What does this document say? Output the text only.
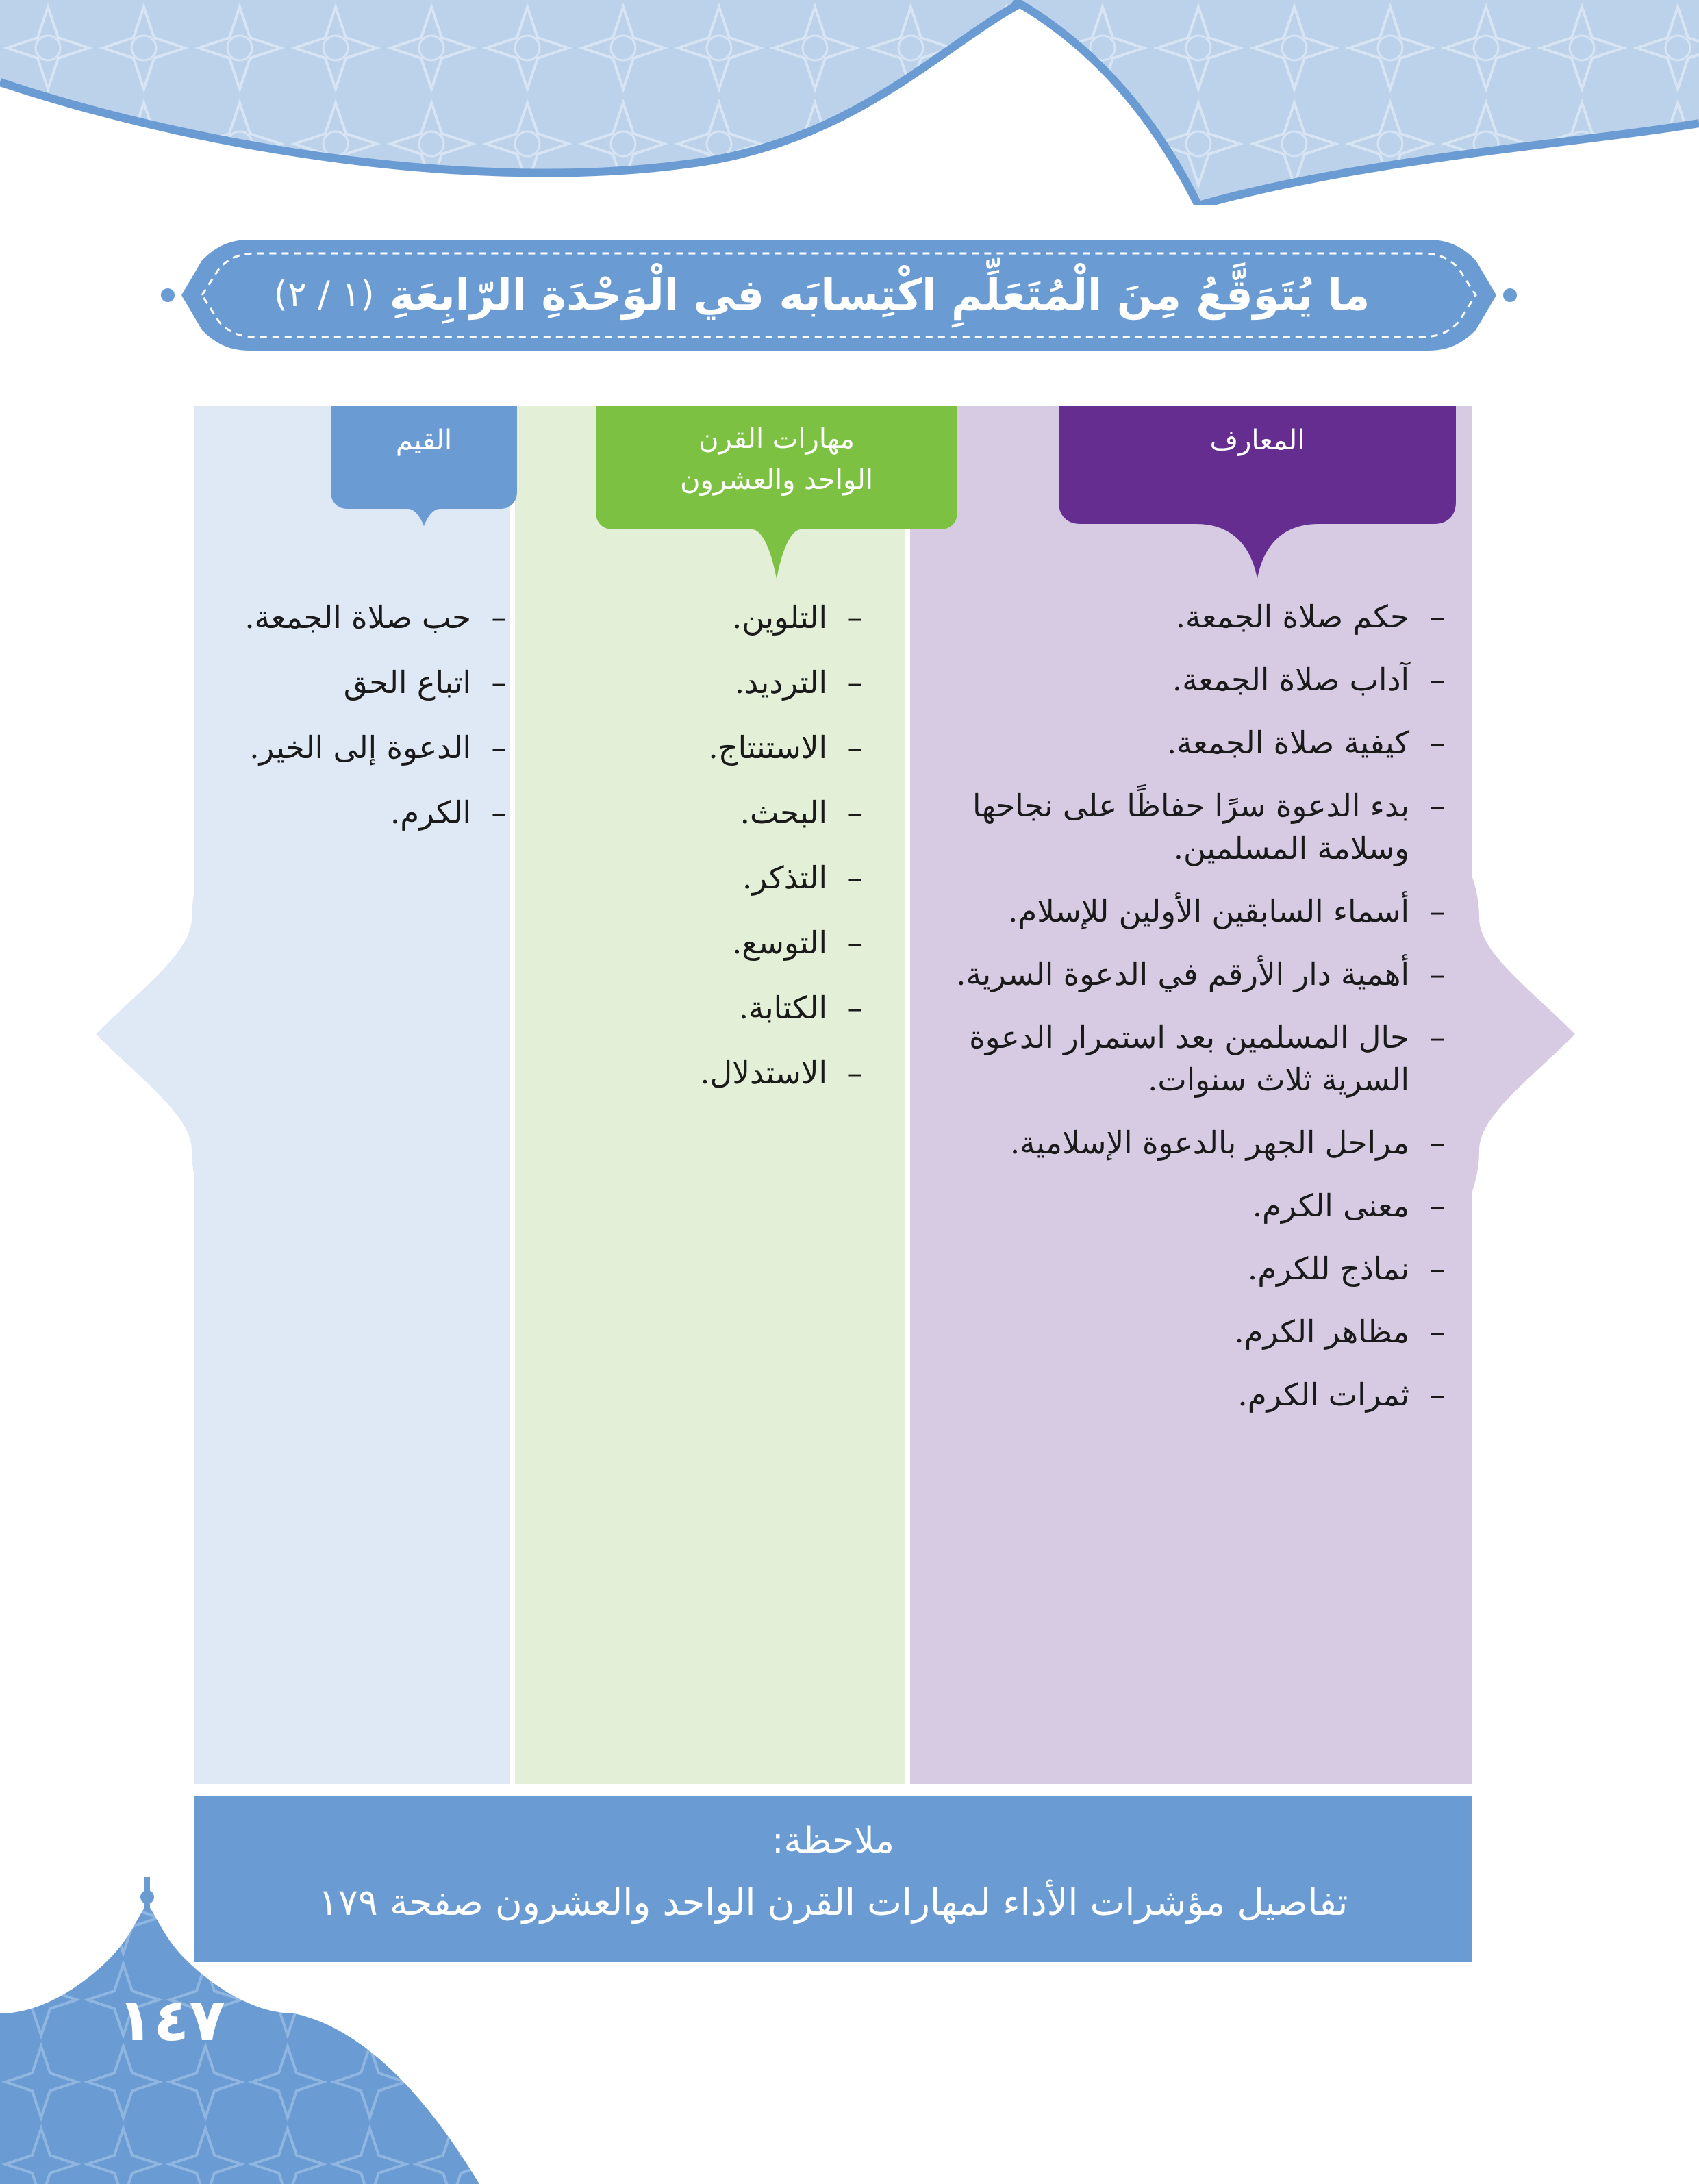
ما يُتَوَقَّعُ مِنَ الْمُتَعَلِّمِ اكْتِسابَه في الْوَحْدَةِ الرّابِعَةِ
(١ / ٢)
القيم	مهارات القرن
الواحد والعشرون
المعارف
– حب صلاة الجمعة.
– اتباع الحق
– الدعوة إلى الخير.
– الكرم.
– التلوين.
– الترديد.
– الاستنتاج.
– البحث.
– التذكر.
– التوسع.
– الكتابة.
– الاستدلال.
– حكم صلاة الجمعة.
– آداب صلاة الجمعة.
– كيفية صلاة الجمعة.
– بدء الدعوة سرًا حفاظًا على نجاحها وسلامة المسلمين.
– أسماء السابقين الأولين للإسلام.
– أهمية دار الأرقم في الدعوة السرية.
– حال المسلمين بعد استمرار الدعوة السرية ثلاث سنوات.
– مراحل الجهر بالدعوة الإسلامية.
– معنى الكرم.
– نماذج للكرم.
– مظاهر الكرم.
– ثمرات الكرم.
ملاحظة:
تفاصيل مؤشرات الأداء لمهارات القرن الواحد والعشرون صفحة ١٧٩
١٤٧
